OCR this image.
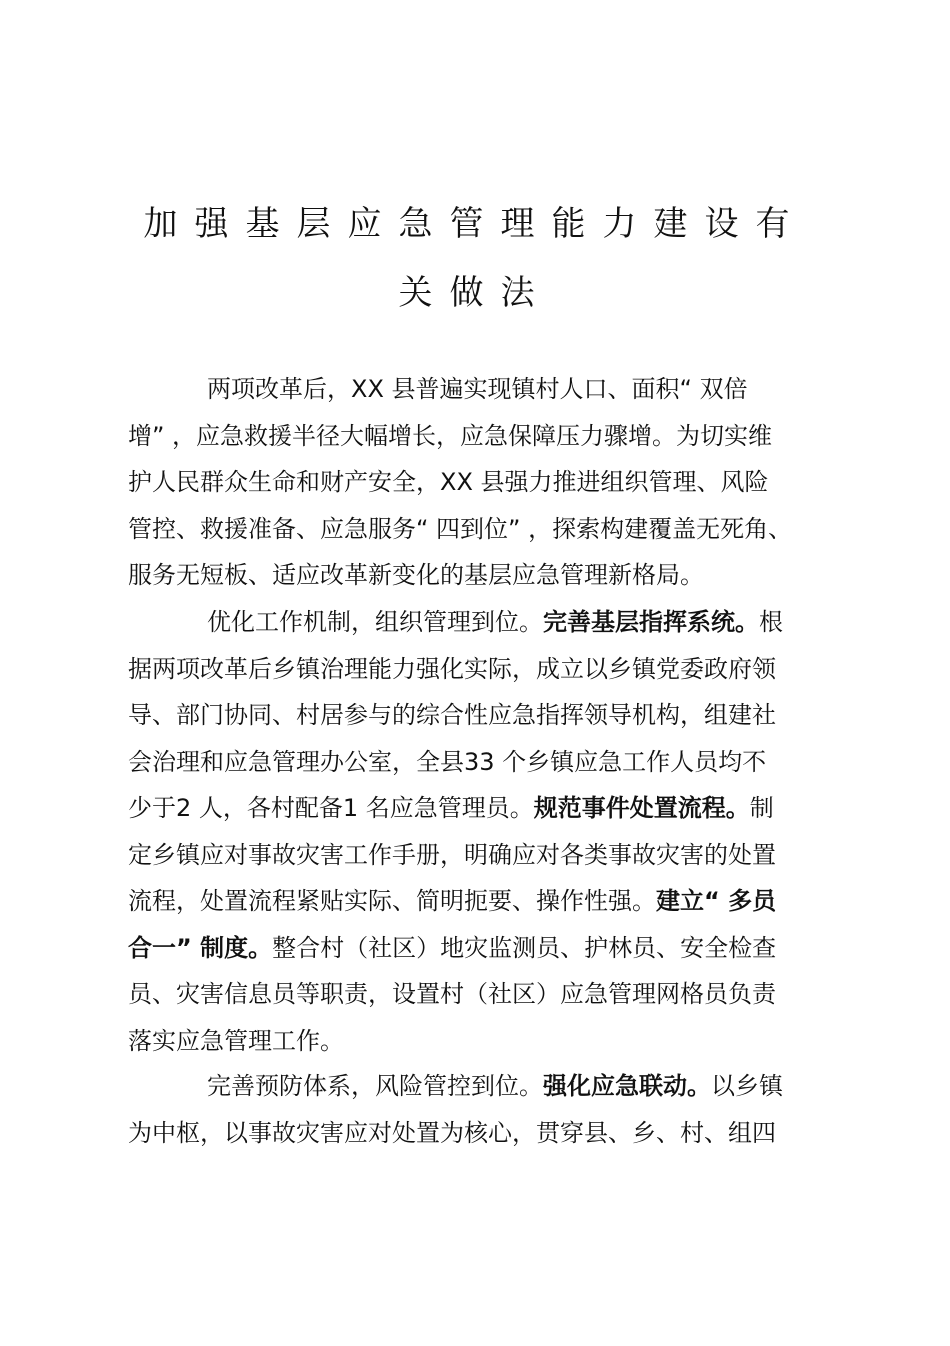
加强基层应急管理能力建设有
关做法
两项改革后，XX 县普遍实现镇村人口、面积“ 双倍
增” ，应急救援半径大幅增长，应急保障压力骤增。为切实维
护人民群众生命和财产安全，XX 县强力推进组织管理、风险
管控、救援准备、应急服务“ 四到位” ，探索构建覆盖无死角、
服务无短板、适应改革新变化的基层应急管理新格局。
优化工作机制，组织管理到位。完善基层指挥系统。根
据两项改革后乡镇治理能力强化实际，成立以乡镇党委政府领
导、部门协同、村居参与的综合性应急指挥领导机构，组建社
会治理和应急管理办公室，全县33 个乡镇应急工作人员均不
少于2 人，各村配备1 名应急管理员。规范事件处置流程。制
定乡镇应对事故灾害工作手册，明确应对各类事故灾害的处置
流程，处置流程紧贴实际、简明扼要、操作性强。建立“ 多员
合一” 制度。整合村（社区）地灾监测员、护林员、安全检查
员、灾害信息员等职责，设置村（社区）应急管理网格员负责
落实应急管理工作。
完善预防体系，风险管控到位。强化应急联动。以乡镇
为中枢，以事故灾害应对处置为核心，贯穿县、乡、村、组四
